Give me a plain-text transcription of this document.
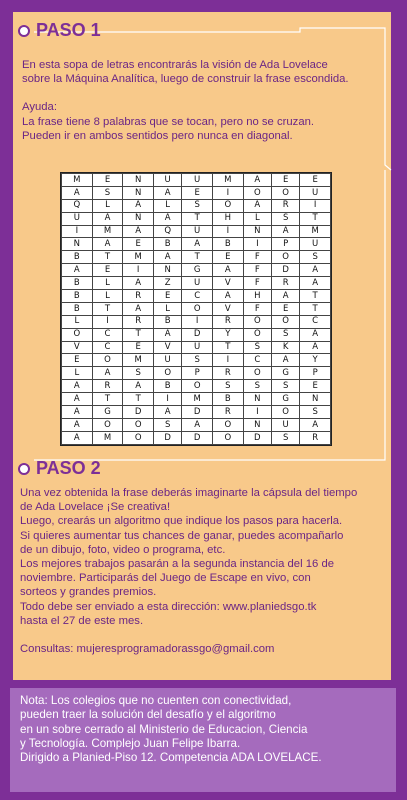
PASO 1

En esta sopa de letras encontrarás la visión de Ada Lovelace

sobre la Máquina Analítica, luego de construir la frase escondida.

Ayuda:

La frase tiene 8 palabras que se tocan, pero no se cruzan.

Pueden ir en ambos sentidos pero nunca en diagonal.

M	E	N	U	U	M	A	E	E
A	S	N	A	E	I	O	O	U
Q	L	A	L	S	O	A	R	I
U	A	N	A	T	H	L	S	T
I	M	A	Q	U	I	N	A	M
N	A	E	B	A	B	I	P	U
B	T	M	A	T	E	F	O	S
A	E	I	N	G	A	F	D	A
B	L	A	Z	U	V	F	R	A
B	L	R	E	C	A	H	A	T
B	T	A	L	O	V	F	E	T
L	I	R	B	I	R	O	O	C
O	C	T	A	D	Y	O	S	A
V	C	E	V	U	T	S	K	A
E	O	M	U	S	I	C	A	Y
L	A	S	O	P	R	O	G	P
A	R	A	B	O	S	S	S	E
A	T	T	I	M	B	N	G	N
A	G	D	A	D	R	I	O	S
A	O	O	S	A	O	N	U	A
A	M	O	D	D	O	D	S	R
PASO 2

Una vez obtenida la frase deberás imaginarte la cápsula del tiempo

de Ada Lovelace ¡Se creativa!

Luego, crearás un algoritmo que indique los pasos para hacerla.

Si quieres aumentar tus chances de ganar, puedes acompañarlo

de un dibujo, foto, video o programa, etc.

Los mejores trabajos pasarán a la segunda instancia del 16 de

noviembre. Participarás del Juego de Escape en vivo, con

sorteos y grandes premios.

Todo debe ser enviado a esta dirección: www.planiedsgo.tk

hasta el 27 de este mes.

Consultas: mujeresprogramadorassgo@gmail.com

Nota: Los colegios que no cuenten con conectividad,

pueden traer la solución del desafío y el algoritmo

en un sobre cerrado al Ministerio de Educacion, Ciencia

y Tecnología. Complejo Juan Felipe Ibarra.

Dirigido a Planied-Piso 12. Competencia ADA LOVELACE.
